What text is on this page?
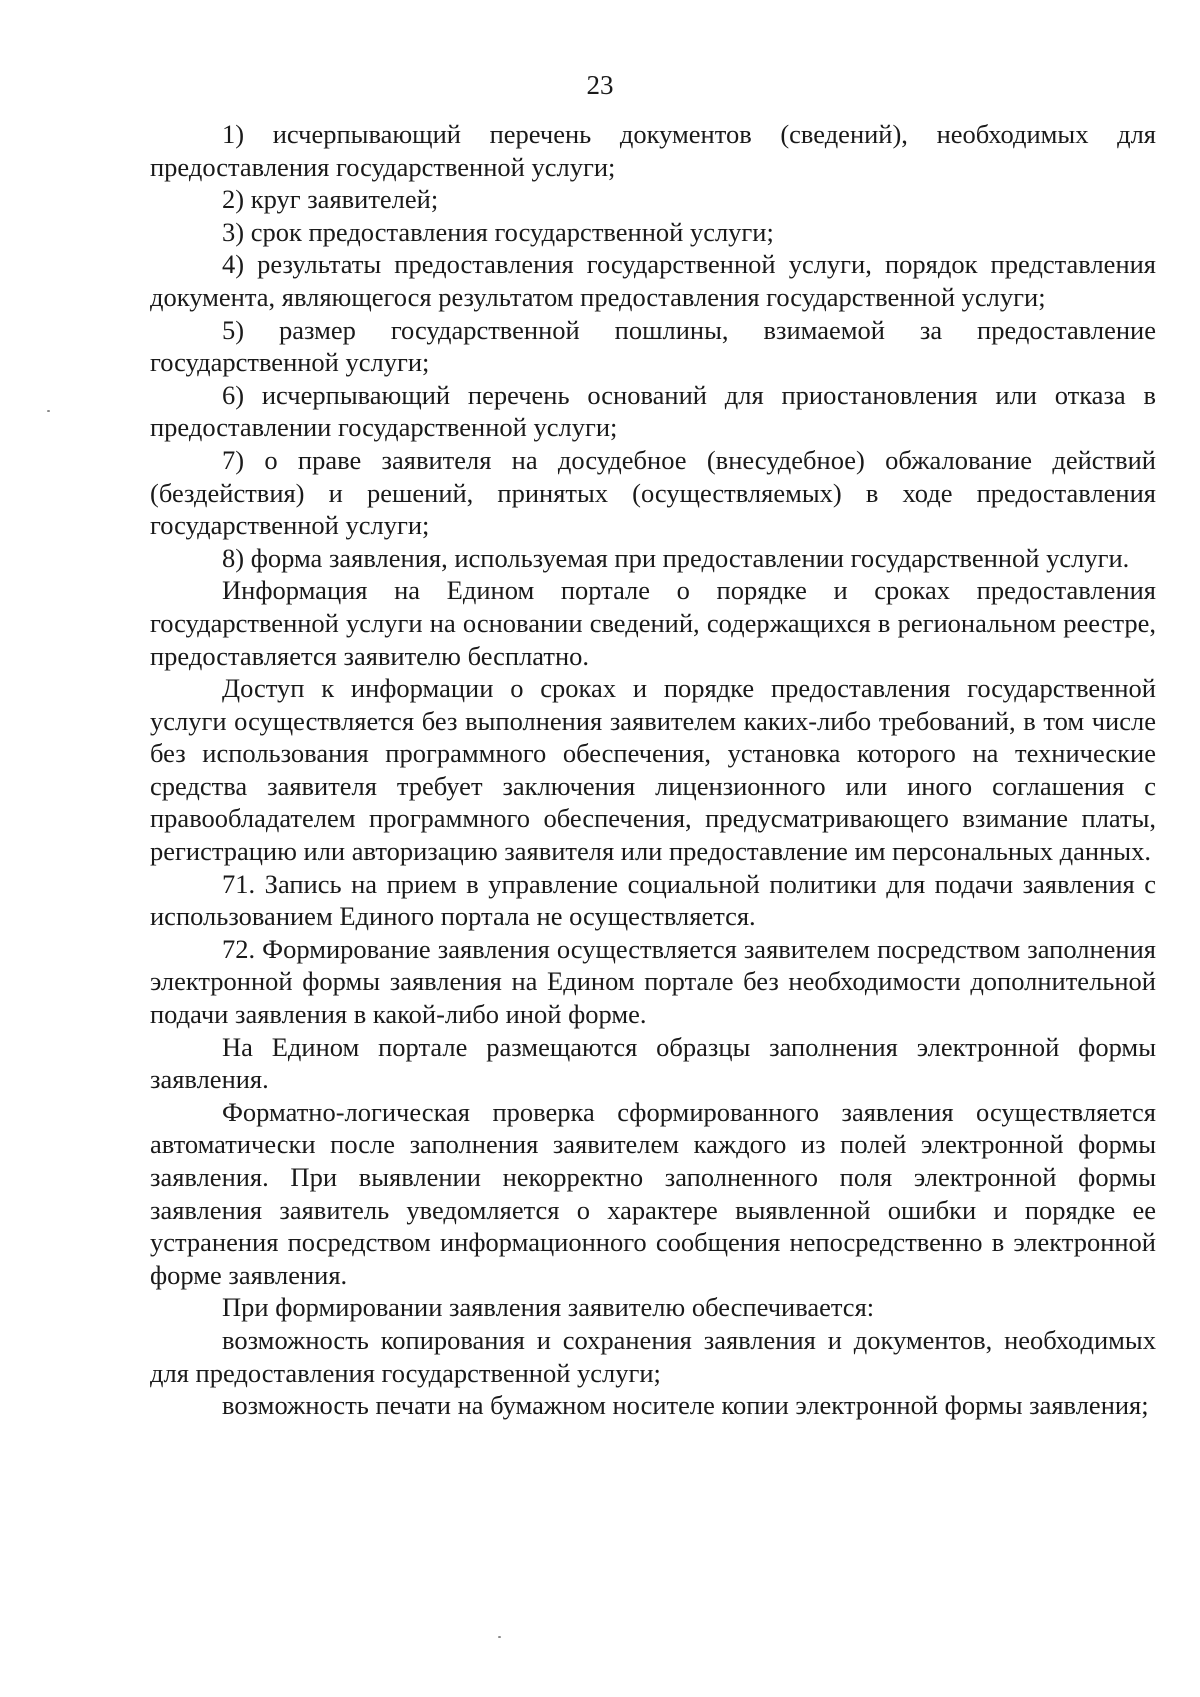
23

1) исчерпывающий перечень документов (сведений), необходимых для предоставления государственной услуги;

2) круг заявителей;

3) срок предоставления государственной услуги;

4) результаты предоставления государственной услуги, порядок представления документа, являющегося результатом предоставления государственной услуги;

5) размер государственной пошлины, взимаемой за предоставление государственной услуги;

6) исчерпывающий перечень оснований для приостановления или отказа в предоставлении государственной услуги;

7) о праве заявителя на досудебное (внесудебное) обжалование действий (бездействия) и решений, принятых (осуществляемых) в ходе предоставления государственной услуги;

8) форма заявления, используемая при предоставлении государственной услуги.

Информация на Едином портале о порядке и сроках предоставления государственной услуги на основании сведений, содержащихся в региональном реестре, предоставляется заявителю бесплатно.

Доступ к информации о сроках и порядке предоставления государственной услуги осуществляется без выполнения заявителем каких-либо требований, в том числе без использования программного обеспечения, установка которого на технические средства заявителя требует заключения лицензионного или иного соглашения с правообладателем программного обеспечения, предусматривающего взимание платы, регистрацию или авторизацию заявителя или предоставление им персональных данных.

71. Запись на прием в управление социальной политики для подачи заявления с использованием Единого портала не осуществляется.

72. Формирование заявления осуществляется заявителем посредством заполнения электронной формы заявления на Едином портале без необходимости дополнительной подачи заявления в какой-либо иной форме.

На Едином портале размещаются образцы заполнения электронной формы заявления.

Форматно-логическая проверка сформированного заявления осуществляется автоматически после заполнения заявителем каждого из полей электронной формы заявления. При выявлении некорректно заполненного поля электронной формы заявления заявитель уведомляется о характере выявленной ошибки и порядке ее устранения посредством информационного сообщения непосредственно в электронной форме заявления.

При формировании заявления заявителю обеспечивается:

возможность копирования и сохранения заявления и документов, необходимых для предоставления государственной услуги;

возможность печати на бумажном носителе копии электронной формы заявления;
